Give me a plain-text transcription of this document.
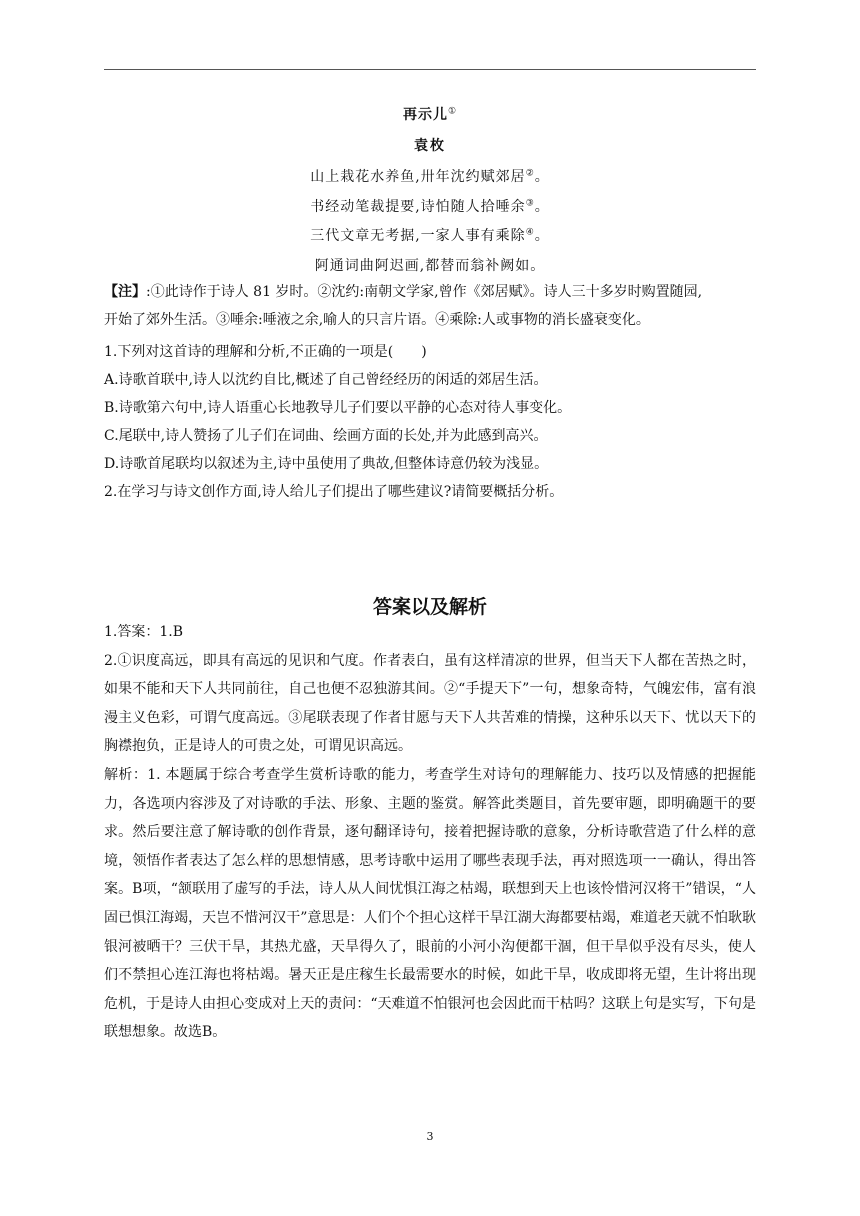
再示儿①
袁枚
山上栽花水养鱼,卅年沈约赋郊居②。
书经动笔裁提要,诗怕随人拾唾余③。
三代文章无考据,一家人事有乘除④。
阿通词曲阿迟画,都替而翁补阙如。
【注】:①此诗作于诗人 81 岁时。②沈约:南朝文学家,曾作《郊居赋》。诗人三十多岁时购置随园,
开始了郊外生活。③唾余:唾液之余,喻人的只言片语。④乘除:人或事物的消长盛衰变化。
1.下列对这首诗的理解和分析,不正确的一项是(　　)
A.诗歌首联中,诗人以沈约自比,概述了自己曾经经历的闲适的郊居生活。
B.诗歌第六句中,诗人语重心长地教导儿子们要以平静的心态对待人事变化。
C.尾联中,诗人赞扬了儿子们在词曲、绘画方面的长处,并为此感到高兴。
D.诗歌首尾联均以叙述为主,诗中虽使用了典故,但整体诗意仍较为浅显。
2.在学习与诗文创作方面,诗人给儿子们提出了哪些建议?请简要概括分析。
答案以及解析
1.答案：1.B
2.①识度高远，即具有高远的见识和气度。作者表白，虽有这样清凉的世界，但当天下人都在苦热之时，如果不能和天下人共同前往，自己也便不忍独游其间。②“手提天下”一句，想象奇特，气魄宏伟，富有浪漫主义色彩，可谓气度高远。③尾联表现了作者甘愿与天下人共苦难的情操，这种乐以天下、忧以天下的胸襟抱负，正是诗人的可贵之处，可谓见识高远。
解析：1. 本题属于综合考查学生赏析诗歌的能力，考查学生对诗句的理解能力、技巧以及情感的把握能力，各选项内容涉及了对诗歌的手法、形象、主题的鉴赏。解答此类题目，首先要审题，即明确题干的要求。然后要注意了解诗歌的创作背景，逐句翻译诗句，接着把握诗歌的意象，分析诗歌营造了什么样的意境，领悟作者表达了怎么样的思想情感，思考诗歌中运用了哪些表现手法，再对照选项一一确认，得出答案。B项，“颔联用了虚写的手法，诗人从人间忧惧江海之枯竭，联想到天上也该怜惜河汉将干”错误，“人固已惧江海竭，天岂不惜河汉干”意思是：人们个个担心这样干旱江湖大海都要枯竭，难道老天就不怕耿耿银河被晒干？三伏干旱，其热尤盛，天旱得久了，眼前的小河小沟便都干涸，但干旱似乎没有尽头，使人们不禁担心连江海也将枯竭。暑天正是庄稼生长最需要水的时候，如此干旱，收成即将无望，生计将出现危机，于是诗人由担心变成对上天的责问：“天难道不怕银河也会因此而干枯吗？这联上句是实写，下句是联想想象。故选B。
3
